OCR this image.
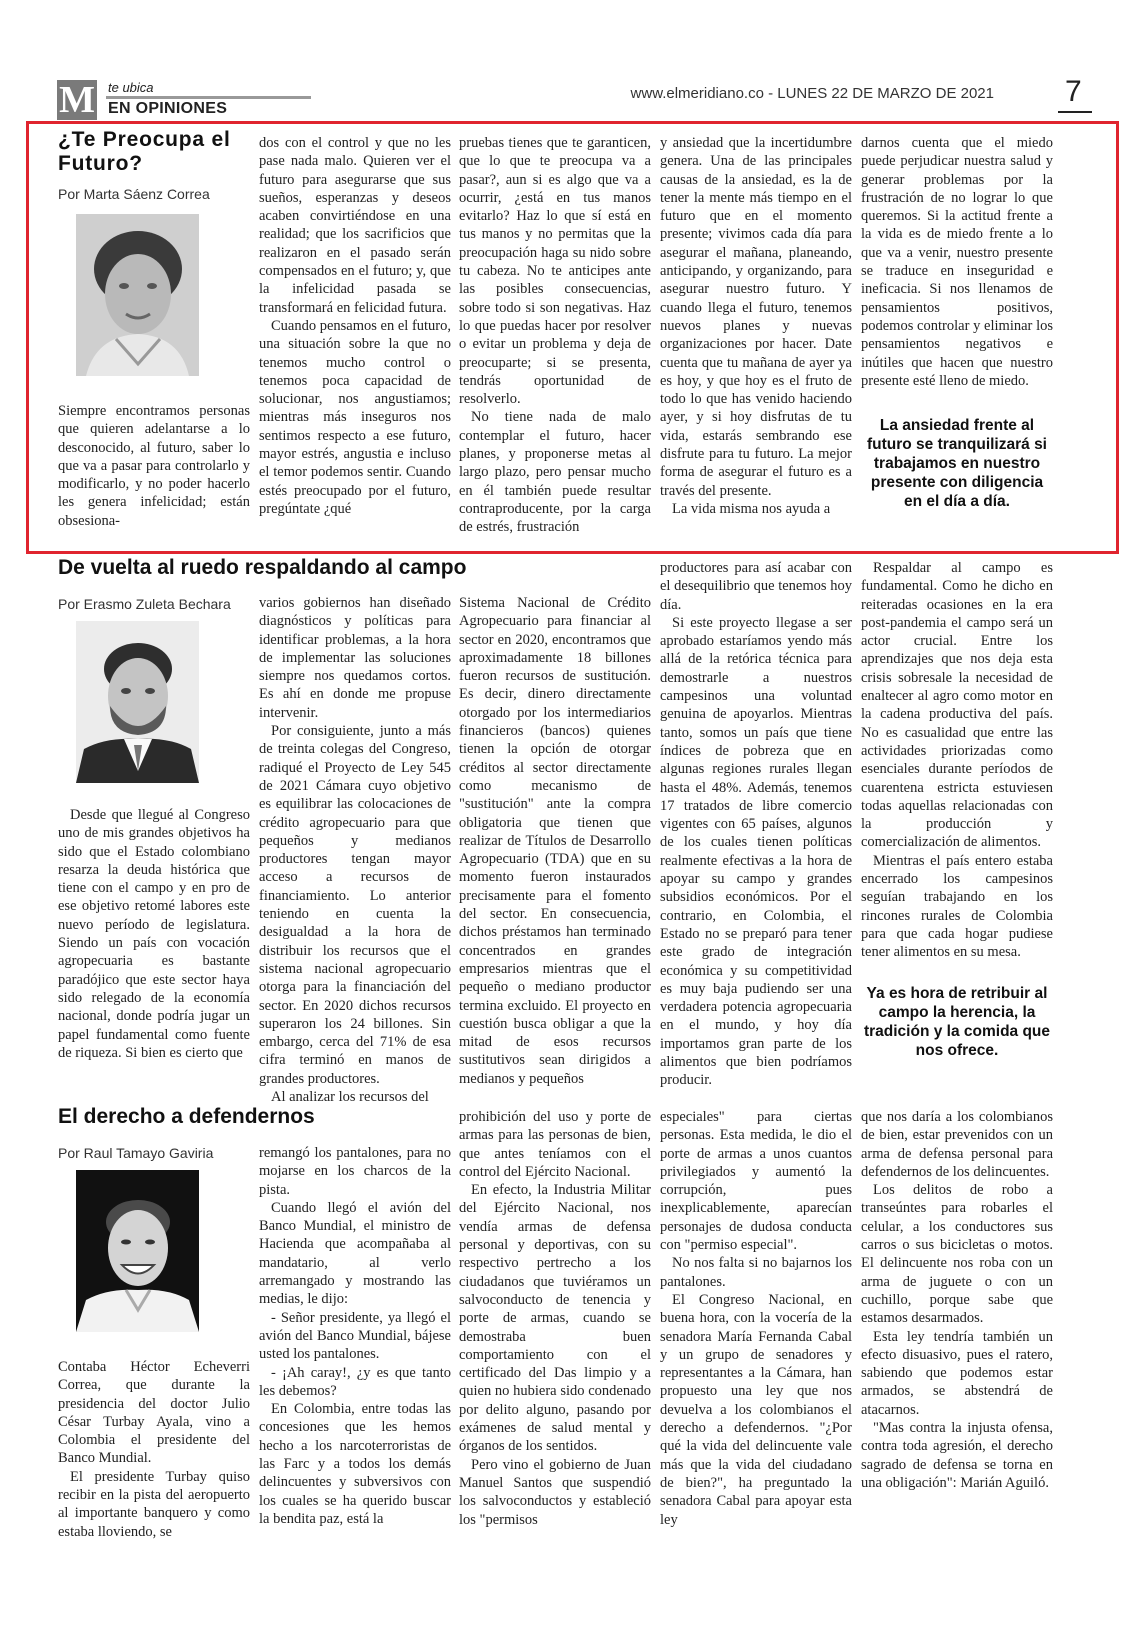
M te ubica
EN OPINIONES
www.elmeridiano.co - LUNES 22 DE MARZO DE 2021 7
¿Te Preocupa el Futuro?
Por Marta Sáenz Correa

Siempre encontramos personas que quieren adelantarse a lo desconocido, al futuro, saber lo que va a pasar para controlarlo y modificarlo, y no poder hacerlo les genera infelicidad; están obsesiona-

dos con el control y que no les pase nada malo. Quieren ver el futuro para asegurarse que sus sueños, esperanzas y deseos acaben convirtiéndose en una realidad; que los sacrificios que realizaron en el pasado serán compensados en el futuro; y, que la infelicidad pasada se transformará en felicidad futura.

Cuando pensamos en el futuro, una situación sobre la que no tenemos mucho control o tenemos poca capacidad de solucionar, nos angustiamos; mientras más inseguros nos sentimos respecto a ese futuro, mayor estrés, angustia e incluso el temor podemos sentir. Cuando estés preocupado por el futuro, pregúntate ¿qué

pruebas tienes que te garanticen, que lo que te preocupa va a pasar?, aun si es algo que va a ocurrir, ¿está en tus manos evitarlo? Haz lo que sí está en tus manos y no permitas que la preocupación haga su nido sobre tu cabeza. No te anticipes ante las posibles consecuencias, sobre todo si son negativas. Haz lo que puedas hacer por resolver o evitar un problema y deja de preocuparte; si se presenta, tendrás oportunidad de resolverlo.

No tiene nada de malo contemplar el futuro, hacer planes, y proponerse metas al largo plazo, pero pensar mucho en él también puede resultar contraproducente, por la carga de estrés, frustración

y ansiedad que la incertidumbre genera. Una de las principales causas de la ansiedad, es la de tener la mente más tiempo en el futuro que en el momento presente; vivimos cada día para asegurar el mañana, planeando, anticipando, y organizando, para asegurar nuestro futuro. Y cuando llega el futuro, tenemos nuevos planes y nuevas organizaciones por hacer. Date cuenta que tu mañana de ayer ya es hoy, y que hoy es el fruto de todo lo que has venido haciendo ayer, y si hoy disfrutas de tu vida, estarás sembrando ese disfrute para tu futuro. La mejor forma de asegurar el futuro es a través del presente.

La vida misma nos ayuda a

darnos cuenta que el miedo puede perjudicar nuestra salud y generar problemas por la frustración de no lograr lo que queremos. Si la actitud frente a la vida es de miedo frente a lo que va a venir, nuestro presente se traduce en inseguridad e ineficacia. Si nos llenamos de pensamientos positivos, podemos controlar y eliminar los pensamientos negativos e inútiles que hacen que nuestro presente esté lleno de miedo.

La ansiedad frente al futuro se tranquilizará si trabajamos en nuestro presente con diligencia en el día a día.
De vuelta al ruedo respaldando al campo
Por Erasmo Zuleta Bechara

Desde que llegué al Congreso uno de mis grandes objetivos ha sido que el Estado colombiano resarza la deuda histórica que tiene con el campo y en pro de ese objetivo retomé labores este nuevo período de legislatura. Siendo un país con vocación agropecuaria es bastante paradójico que este sector haya sido relegado de la economía nacional, donde podría jugar un papel fundamental como fuente de riqueza. Si bien es cierto que

varios gobiernos han diseñado diagnósticos y políticas para identificar problemas, a la hora de implementar las soluciones siempre nos quedamos cortos. Es ahí en donde me propuse intervenir.

Por consiguiente, junto a más de treinta colegas del Congreso, radiqué el Proyecto de Ley 545 de 2021 Cámara cuyo objetivo es equilibrar las colocaciones de crédito agropecuario para que pequeños y medianos productores tengan mayor acceso a recursos de financiamiento. Lo anterior teniendo en cuenta la desigualdad a la hora de distribuir los recursos que el sistema nacional agropecuario otorga para la financiación del sector. En 2020 dichos recursos superaron los 24 billones. Sin embargo, cerca del 71% de esa cifra terminó en manos de grandes productores.

Al analizar los recursos del

Sistema Nacional de Crédito Agropecuario para financiar al sector en 2020, encontramos que aproximadamente 18 billones fueron recursos de sustitución. Es decir, dinero directamente otorgado por los intermediarios financieros (bancos) quienes tienen la opción de otorgar créditos al sector directamente como mecanismo de "sustitución" ante la compra obligatoria que tienen que realizar de Títulos de Desarrollo Agropecuario (TDA) que en su momento fueron instaurados precisamente para el fomento del sector. En consecuencia, dichos préstamos han terminado concentrados en grandes empresarios mientras que el pequeño o mediano productor termina excluido. El proyecto en cuestión busca obligar a que la mitad de esos recursos sustitutivos sean dirigidos a medianos y pequeños

productores para así acabar con el desequilibrio que tenemos hoy día.

Si este proyecto llegase a ser aprobado estaríamos yendo más allá de la retórica técnica para demostrarle a nuestros campesinos una voluntad genuina de apoyarlos. Mientras tanto, somos un país que tiene índices de pobreza que en algunas regiones rurales llegan hasta el 48%. Además, tenemos 17 tratados de libre comercio vigentes con 65 países, algunos de los cuales tienen políticas realmente efectivas a la hora de apoyar su campo y grandes subsidios económicos. Por el contrario, en Colombia, el Estado no se preparó para tener este grado de integración económica y su competitividad es muy baja pudiendo ser una verdadera potencia agropecuaria en el mundo, y hoy día importamos gran parte de los alimentos que bien podríamos producir.

Respaldar al campo es fundamental. Como he dicho en reiteradas ocasiones en la era post-pandemia el campo será un actor crucial. Entre los aprendizajes que nos deja esta crisis sobresale la necesidad de enaltecer al agro como motor en la cadena productiva del país. No es casualidad que entre las actividades priorizadas como esenciales durante períodos de cuarentena estricta estuviesen todas aquellas relacionadas con la producción y comercialización de alimentos.

Mientras el país entero estaba encerrado los campesinos seguían trabajando en los rincones rurales de Colombia para que cada hogar pudiese tener alimentos en su mesa.

Ya es hora de retribuir al campo la herencia, la tradición y la comida que nos ofrece.
El derecho a defendernos
Por Raul Tamayo Gaviria

Contaba Héctor Echeverri Correa, que durante la presidencia del doctor Julio César Turbay Ayala, vino a Colombia el presidente del Banco Mundial.

El presidente Turbay quiso recibir en la pista del aeropuerto al importante banquero y como estaba lloviendo, se

remangó los pantalones, para no mojarse en los charcos de la pista.

Cuando llegó el avión del Banco Mundial, el ministro de Hacienda que acompañaba al mandatario, al verlo arremangado y mostrando las medias, le dijo:

- Señor presidente, ya llegó el avión del Banco Mundial, bájese usted los pantalones.

- ¡Ah caray!, ¿y es que tanto les debemos?

En Colombia, entre todas las concesiones que les hemos hecho a los narcoterroristas de las Farc y a todos los demás delincuentes y subversivos con los cuales se ha querido buscar la bendita paz, está la

prohibición del uso y porte de armas para las personas de bien, que antes teníamos con el control del Ejército Nacional.

En efecto, la Industria Militar del Ejército Nacional, nos vendía armas de defensa personal y deportivas, con su respectivo pertrecho a los ciudadanos que tuviéramos un salvoconducto de tenencia y porte de armas, cuando se demostraba buen comportamiento con el certificado del Das limpio y a quien no hubiera sido condenado por delito alguno, pasando por exámenes de salud mental y órganos de los sentidos.

Pero vino el gobierno de Juan Manuel Santos que suspendió los salvoconductos y estableció los "permisos

especiales" para ciertas personas. Esta medida, le dio el porte de armas a unos cuantos privilegiados y aumentó la corrupción, pues inexplicablemente, aparecían personajes de dudosa conducta con "permiso especial".

No nos falta si no bajarnos los pantalones.

El Congreso Nacional, en buena hora, con la vocería de la senadora María Fernanda Cabal y un grupo de senadores y representantes a la Cámara, han propuesto una ley que nos devuelva a los colombianos el derecho a defendernos. "¿Por qué la vida del delincuente vale más que la vida del ciudadano de bien?", ha preguntado la senadora Cabal para apoyar esta ley

que nos daría a los colombianos de bien, estar prevenidos con un arma de defensa personal para defendernos de los delincuentes.

Los delitos de robo a transeúntes para robarles el celular, a los conductores sus carros o sus bicicletas o motos. El delincuente nos roba con un arma de juguete o con un cuchillo, porque sabe que estamos desarmados.

Esta ley tendría también un efecto disuasivo, pues el ratero, sabiendo que podemos estar armados, se abstendrá de atacarnos.

"Mas contra la injusta ofensa, contra toda agresión, el derecho sagrado de defensa se torna en una obligación": Marián Aguiló.
